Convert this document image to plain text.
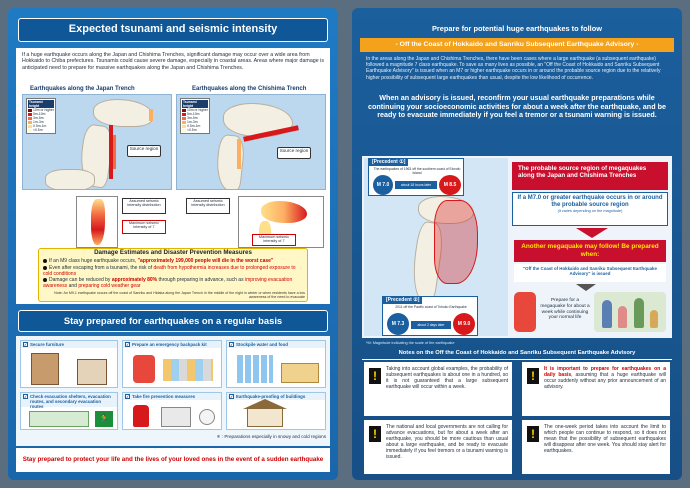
Expected tsunami and seismic intensity
If a huge earthquake occurs along the Japan and Chishima Trenches, significant damage may occur over a wide area from Hokkaido to Chiba prefectures. Tsunamis could cause severe damage, especially in coastal areas. Areas where major damage is anticipated need to prepare for massive earthquakes along the Japan and Chishima Trenches.
Earthquakes along the Japan Trench
Tsunami height
10m or higher
5m-10m
3m-5m
1m-3m
0.5m-1m
<0.5m
Source region
Assumed seismic intensity distribution
Maximum seismic intensity of 7
Earthquakes along the Chishima Trench
Tsunami height
10m or higher
5m-10m
3m-5m
1m-3m
0.5m-1m
<0.5m
Source region
Assumed seismic intensity distribution
Maximum seismic intensity of 7
Damage Estimates and Disaster Prevention Measures
If an M9 class huge earthquake occurs, "approximately 199,000 people will die in the worst case"
Even after escaping from a tsunami, the risk of death from hypothermia increases due to prolonged exposure to cold conditions
Damage can be reduced by approximately 80% through preparing in advance, such as improving evacuation awareness and preparing cold weather gear
Note: An M9.1 earthquake occurs off the coast of Sanriku and Hidaka along the Japan Trench in the middle of the night in winter or when residents have a low awareness of the need to evacuate
Stay prepared for earthquakes on a regular basis
✓ Secure furniture	✓ Prepare an emergency backpack kit	✓ Stockpile water and food
✓ Check evacuation shelters, evacuation routes, and secondary evacuation routes
🏃
✓ Take fire prevention measures	✓ Earthquake-proofing of buildings
❄ : Preparations especially in snowy and cold regions
Stay prepared to protect your life and the lives of your loved ones in the event of a sudden earthquake
Prepare for potential huge earthquakes to follow
- Off the Coast of Hokkaido and Sanriku Subsequent Earthquake Advisory -
In the areas along the Japan and Chishima Trenches, there have been cases where a large earthquake (a subsequent earthquake) followed a magnitude 7 class earthquake. To save as many lives as possible, an "Off the Coast of Hokkaido and Sanriku Subsequent Earthquake Advisory" is issued when an M7 or higher earthquake occurs in or around the probable source region due to the relatively higher possibility of subsequent large earthquakes than usual, despite the low likelihood of occurrence.
When an advisory is issued, reconfirm your usual earthquake preparations while continuing your socioeconomic activities for about a week after the earthquake, and be ready to evacuate immediately if you feel a tremor or a tsunami warning is issued.
[Precedent ①]
The earthquakes of 1963 off the southern coast of Etorofu Island
M 7.0	about 18 hours later	M 8.5
[Precedent ②]
2011 off the Pacific coast of Tohoku Earthquake
M 7.3	about 2 days later	M 9.0
The probable source region of megaquakes along the Japan and Chishima Trenches
If a M7.0 or greater earthquake occurs in or around the probable source region
(it varies depending on the magnitude)
Another megaquake may follow! Be prepared when:
"Off the Coast of Hokkaido and Sanriku Subsequent Earthquake Advisory" is issued
Prepare for a megaquake for about a week while continuing your normal life
*M: Magnitude indicating the scale of the earthquake
Notes on the Off the Coast of Hokkaido and Sanriku Subsequent Earthquake Advisory
!	Taking into account global examples, the probability of subsequent earthquakes is about one in a hundred, so it is not guaranteed that a large subsequent earthquake will occur within a week.
!	It is important to prepare for earthquakes on a daily basis, assuming that a huge earthquake will occur suddenly without any prior announcement of an advisory.
!	The national and local governments are not calling for advance evacuations, but for about a week after an earthquake, you should be more cautious than usual about a large earthquake, and be ready to evacuate immediately if you feel tremors or a tsunami warning is issued.
!	The one-week period takes into account the limit to which people can continue to respond, so it does not mean that the possibility of subsequent earthquakes will disappear after one week. You should stay alert for earthquakes.
